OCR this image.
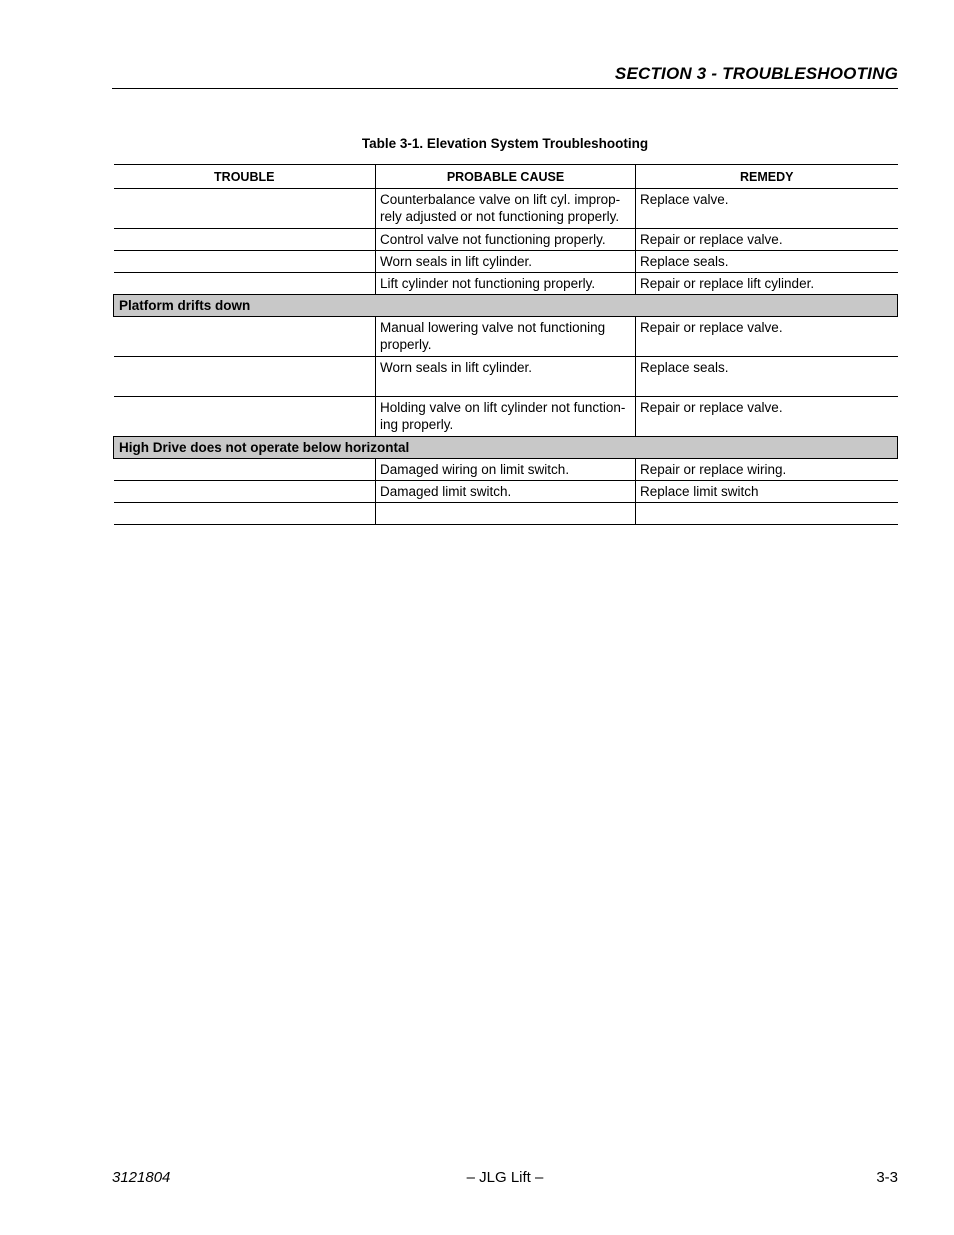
SECTION 3 - TROUBLESHOOTING
Table 3-1. Elevation System Troubleshooting
TROUBLE	PROBABLE CAUSE	REMEDY
	Counterbalance valve on lift cyl. improp-rely adjusted or not functioning properly.	Replace valve.
	Control valve not functioning properly.	Repair or replace valve.
	Worn seals in lift cylinder.	Replace seals.
	Lift cylinder not functioning properly.	Repair or replace lift cylinder.
Platform drifts down		
	Manual lowering valve not functioning properly.	Repair or replace valve.
	Worn seals in lift cylinder.	Replace seals.
	Holding valve on lift cylinder not function-ing properly.	Repair or replace valve.
High Drive does not operate below horizontal		
	Damaged wiring on limit switch.	Repair or replace wiring.
	Damaged limit switch.	Replace limit switch

3121804	– JLG Lift –	3-3
